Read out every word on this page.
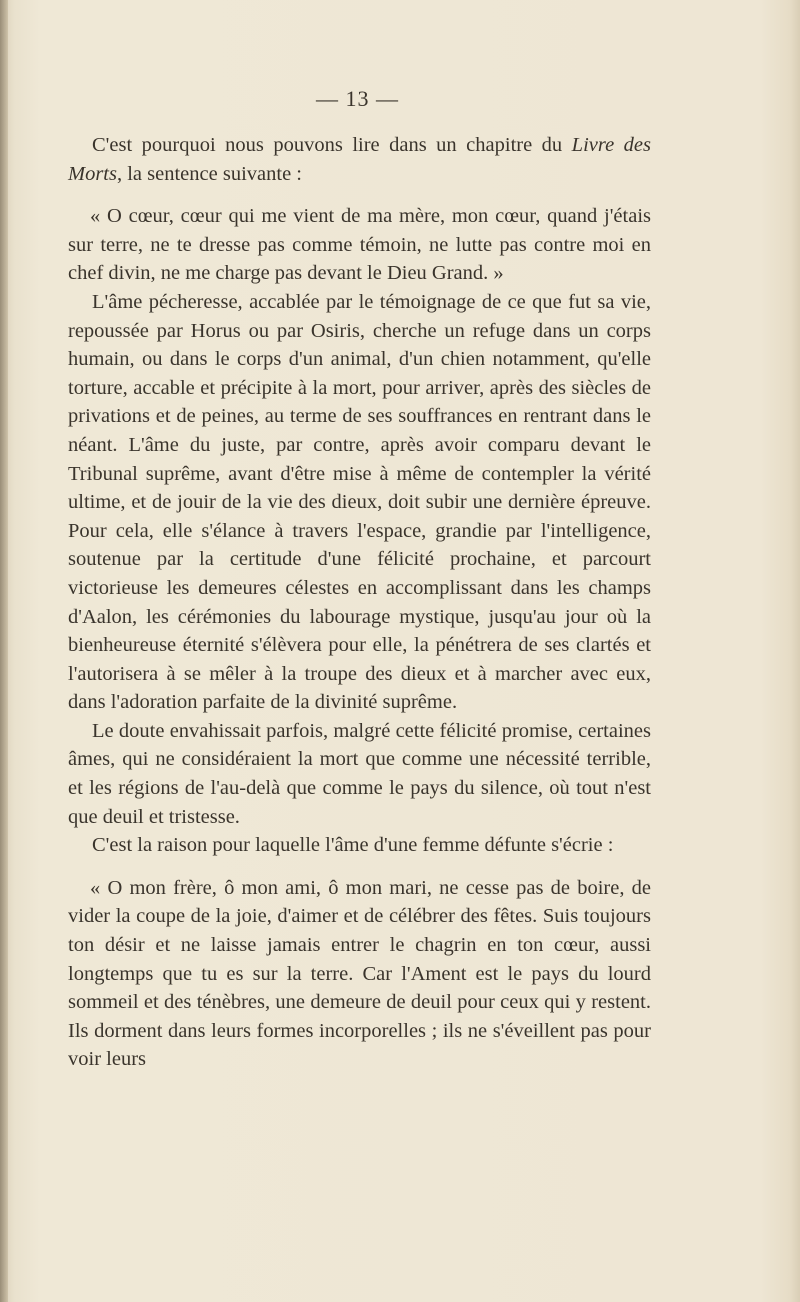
— 13 —

C'est pourquoi nous pouvons lire dans un chapitre du Livre des Morts, la sentence suivante :

« O cœur, cœur qui me vient de ma mère, mon cœur, quand j'étais sur terre, ne te dresse pas comme témoin, ne lutte pas contre moi en chef divin, ne me charge pas devant le Dieu Grand. »

L'âme pécheresse, accablée par le témoignage de ce que fut sa vie, repoussée par Horus ou par Osiris, cherche un refuge dans un corps humain, ou dans le corps d'un animal, d'un chien notamment, qu'elle torture, accable et précipite à la mort, pour arriver, après des siècles de privations et de peines, au terme de ses souffrances en rentrant dans le néant. L'âme du juste, par contre, après avoir comparu devant le Tribunal suprême, avant d'être mise à même de contempler la vérité ultime, et de jouir de la vie des dieux, doit subir une dernière épreuve. Pour cela, elle s'élance à travers l'espace, grandie par l'intelligence, soutenue par la certitude d'une félicité prochaine, et parcourt victorieuse les demeures célestes en accomplissant dans les champs d'Aalon, les cérémonies du labourage mystique, jusqu'au jour où la bienheureuse éternité s'élèvera pour elle, la pénétrera de ses clartés et l'autorisera à se mêler à la troupe des dieux et à marcher avec eux, dans l'adoration parfaite de la divinité suprême.

Le doute envahissait parfois, malgré cette félicité promise, certaines âmes, qui ne considéraient la mort que comme une nécessité terrible, et les régions de l'au-delà que comme le pays du silence, où tout n'est que deuil et tristesse.

C'est la raison pour laquelle l'âme d'une femme défunte s'écrie :

« O mon frère, ô mon ami, ô mon mari, ne cesse pas de boire, de vider la coupe de la joie, d'aimer et de célébrer des fêtes. Suis toujours ton désir et ne laisse jamais entrer le chagrin en ton cœur, aussi longtemps que tu es sur la terre. Car l'Ament est le pays du lourd sommeil et des ténèbres, une demeure de deuil pour ceux qui y restent. Ils dorment dans leurs formes incorporelles ; ils ne s'éveillent pas pour voir leurs
